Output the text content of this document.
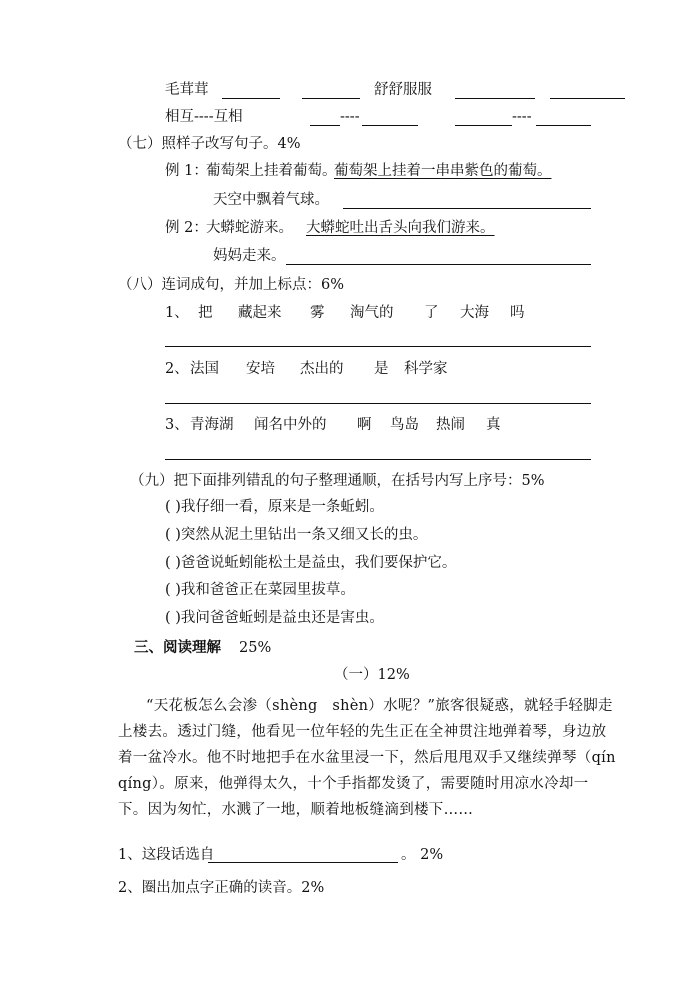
毛茸茸	舒舒服服
相互----互相	----	----
（七）照样子改写句子。4%
例 1：
葡萄架上挂着葡萄。
葡萄架上挂着一串串紫色的葡萄。
天空中飘着气球。
例 2：
大蟒蛇游来。 大蟒蛇吐出舌头向我们游来。
妈妈走来。
（八）连词成句，并加上标点：6%
1、 把 藏起来 雾 淘气的 了 大海 吗
2、 法国 安培 杰出的 是 科学家
3、 青海湖 闻名中外的 啊 鸟岛 热闹 真
（九）把下面排列错乱的句子整理通顺，在括号内写上序号：5%
( )我仔细一看，原来是一条蚯蚓。
( )突然从泥土里钻出一条又细又长的虫。
( )爸爸说蚯蚓能松土是益虫，我们要保护它。
( )我和爸爸正在菜园里拔草。
( )我问爸爸蚯蚓是益虫还是害虫。
三、阅读理解 25%
（一）12%
“天花板怎么会渗（shèng　shèn）水呢？”旅客很疑惑，就轻手轻脚走上楼去。透过门缝，他看见一位年轻的先生正在全神贯注地弹着琴，身边放着一盆冷水。他不时地把手在水盆里浸一下，然后甩甩双手又继续弹琴（qín qíng）。原来，他弹得太久，十个手指都发烫了，需要随时用凉水冷却一下。因为匆忙，水溅了一地，顺着地板缝滴到楼下……
1、这段话选自	。 2%
2、圈出加点字正确的读音。2%
